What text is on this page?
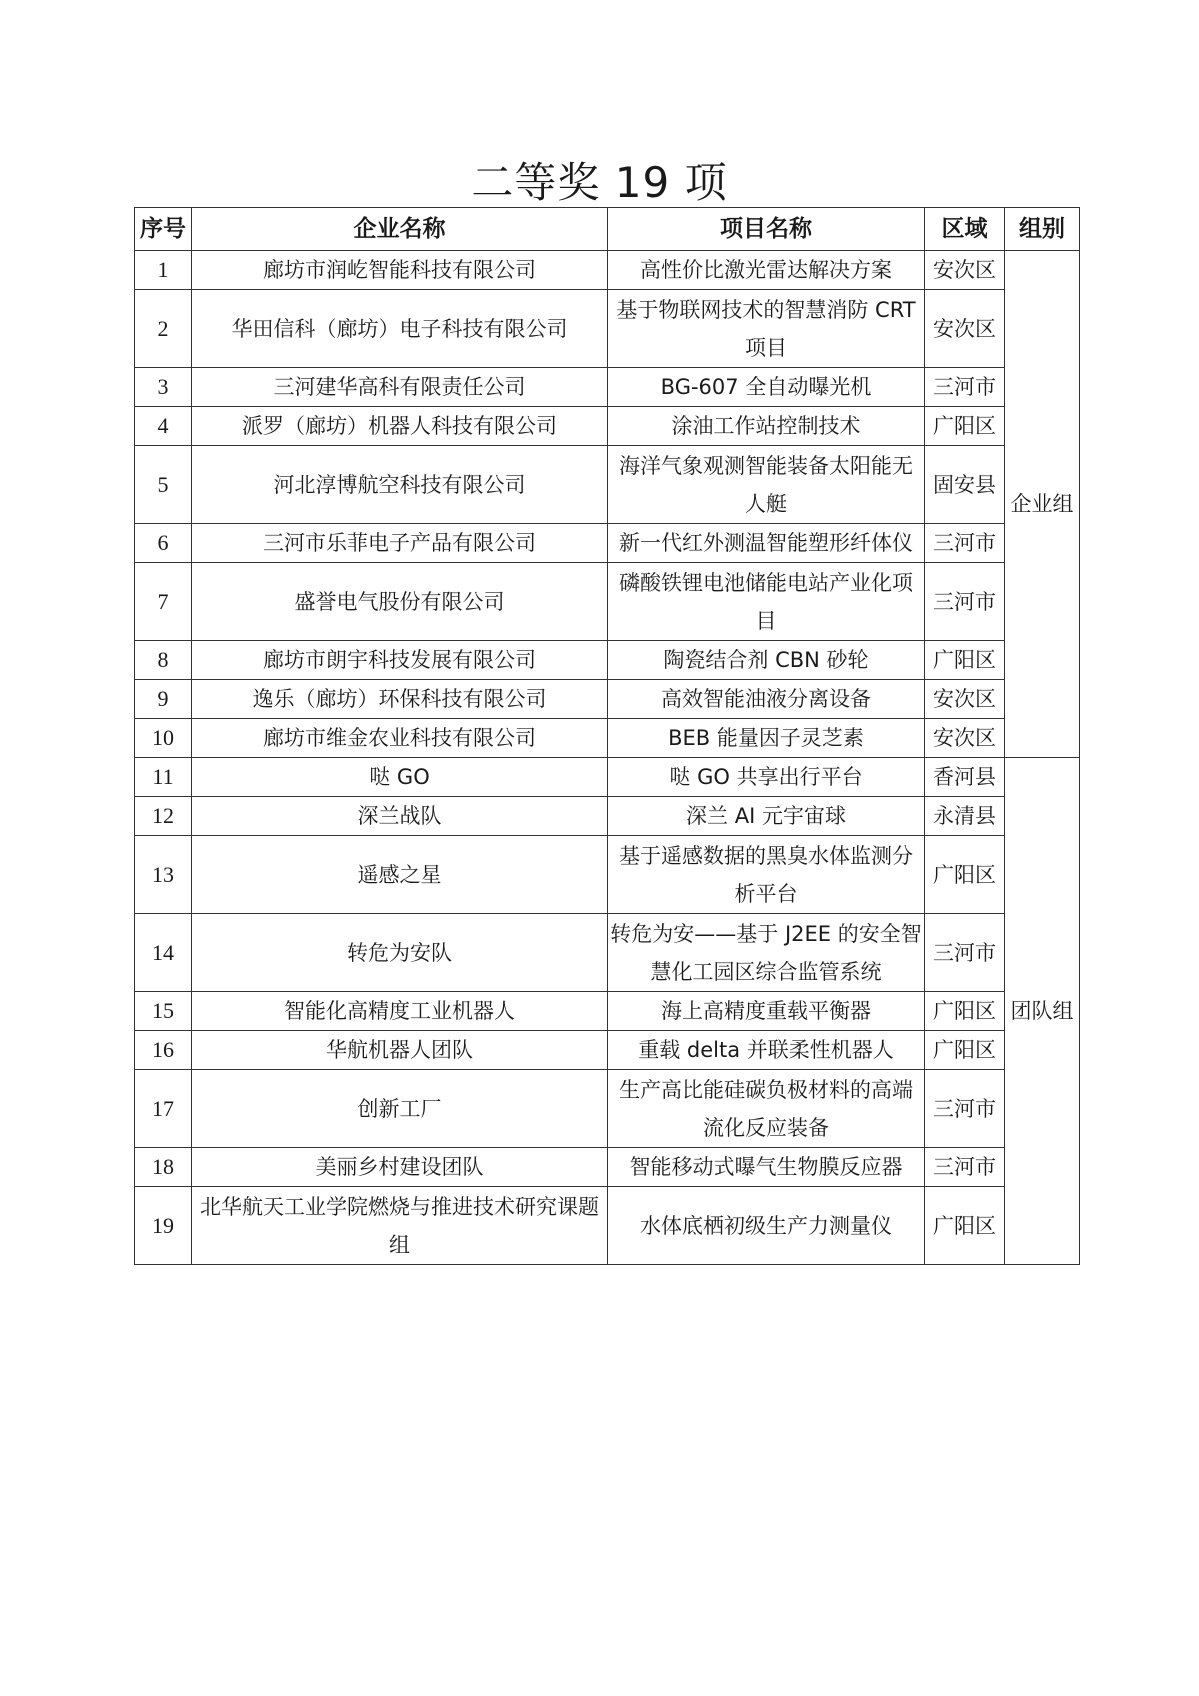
二等奖 19 项
序号	企业名称	项目名称	区域	组别
1	廊坊市润屹智能科技有限公司	高性价比激光雷达解决方案	安次区	企业组
2	华田信科（廊坊）电子科技有限公司	基于物联网技术的智慧消防 CRT 项目	安次区	
3	三河建华高科有限责任公司	BG-607 全自动曝光机	三河市	
4	派罗（廊坊）机器人科技有限公司	涂油工作站控制技术	广阳区	
5	河北淳博航空科技有限公司	海洋气象观测智能装备太阳能无人艇	固安县	
6	三河市乐菲电子产品有限公司	新一代红外测温智能塑形纤体仪	三河市	
7	盛誉电气股份有限公司	磷酸铁锂电池储能电站产业化项目	三河市	
8	廊坊市朗宇科技发展有限公司	陶瓷结合剂 CBN 砂轮	广阳区	
9	逸乐（廊坊）环保科技有限公司	高效智能油液分离设备	安次区	
10	廊坊市维金农业科技有限公司	BEB 能量因子灵芝素	安次区	
11	哒 GO	哒 GO 共享出行平台	香河县	团队组
12	深兰战队	深兰 AI 元宇宙球	永清县	
13	遥感之星	基于遥感数据的黑臭水体监测分析平台	广阳区	
14	转危为安队	转危为安——基于 J2EE 的安全智慧化工园区综合监管系统	三河市	
15	智能化高精度工业机器人	海上高精度重载平衡器	广阳区	
16	华航机器人团队	重载 delta 并联柔性机器人	广阳区	
17	创新工厂	生产高比能硅碳负极材料的高端流化反应装备	三河市	
18	美丽乡村建设团队	智能移动式曝气生物膜反应器	三河市	
19	北华航天工业学院燃烧与推进技术研究课题组	水体底栖初级生产力测量仪	广阳区	
